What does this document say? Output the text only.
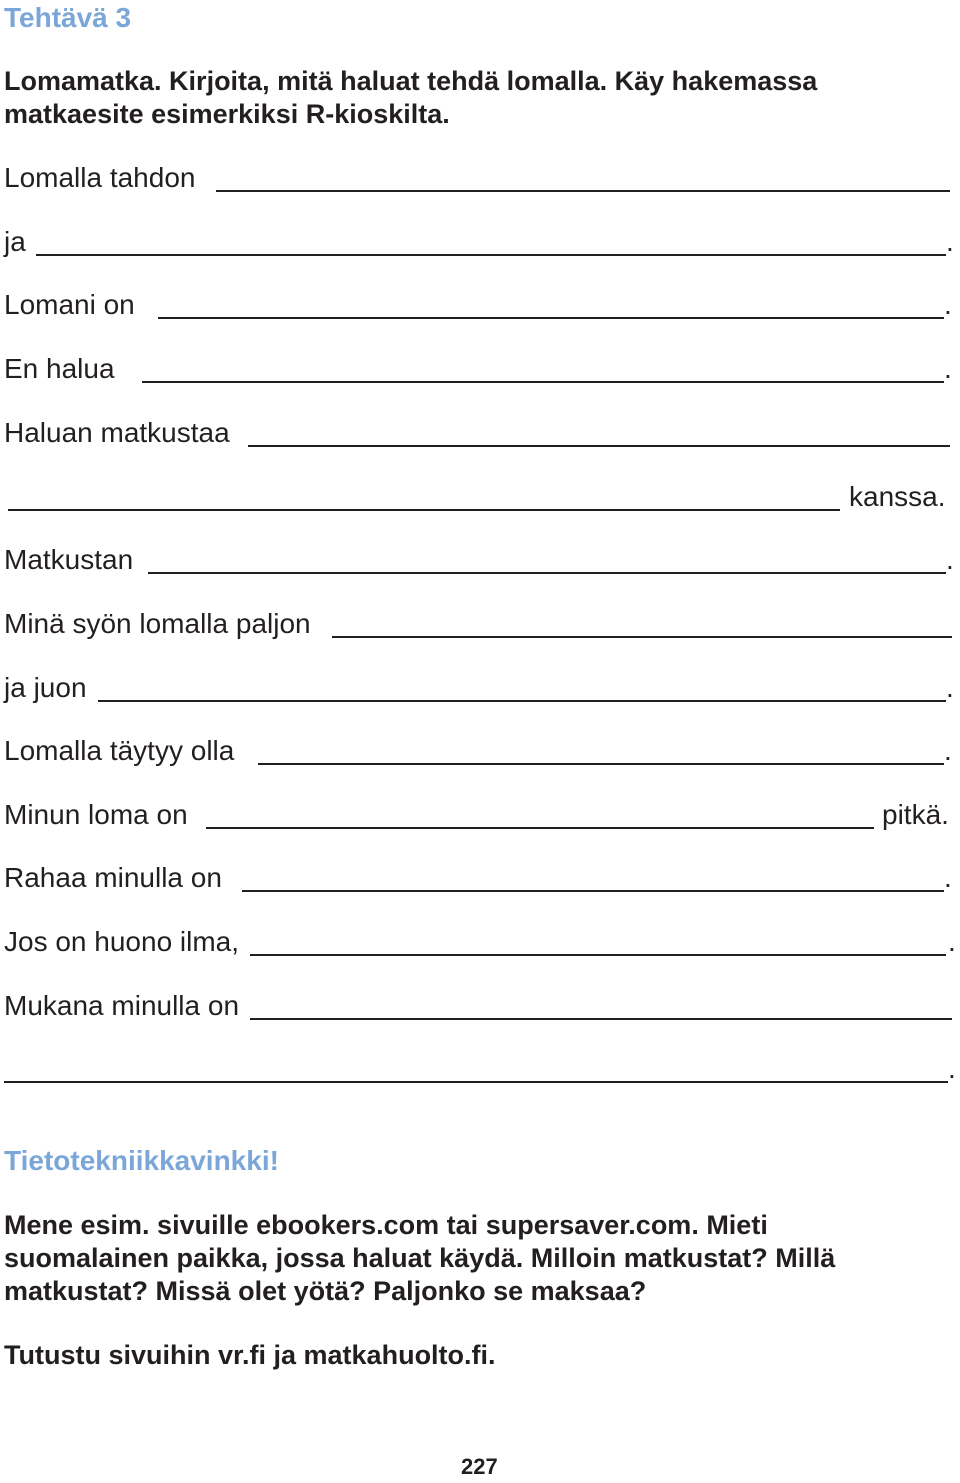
Tehtävä 3
Lomamatka. Kirjoita, mitä haluat tehdä lomalla. Käy hakemassa
matkaesite esimerkiksi R-kioskilta.
Lomalla tahdon
ja	.
Lomani on	.
En halua	.
Haluan matkustaa
kanssa.
Matkustan	.
Minä syön lomalla paljon
ja juon	.
Lomalla täytyy olla	.
Minun loma on	pitkä.
Rahaa minulla on	.
Jos on huono ilma,	.
Mukana minulla on
.
Tietotekniikkavinkki!
Mene esim. sivuille ebookers.com tai supersaver.com. Mieti
suomalainen paikka, jossa haluat käydä. Milloin matkustat? Millä
matkustat? Missä olet yötä? Paljonko se maksaa?
Tutustu sivuihin vr.fi ja matkahuolto.fi.
227
